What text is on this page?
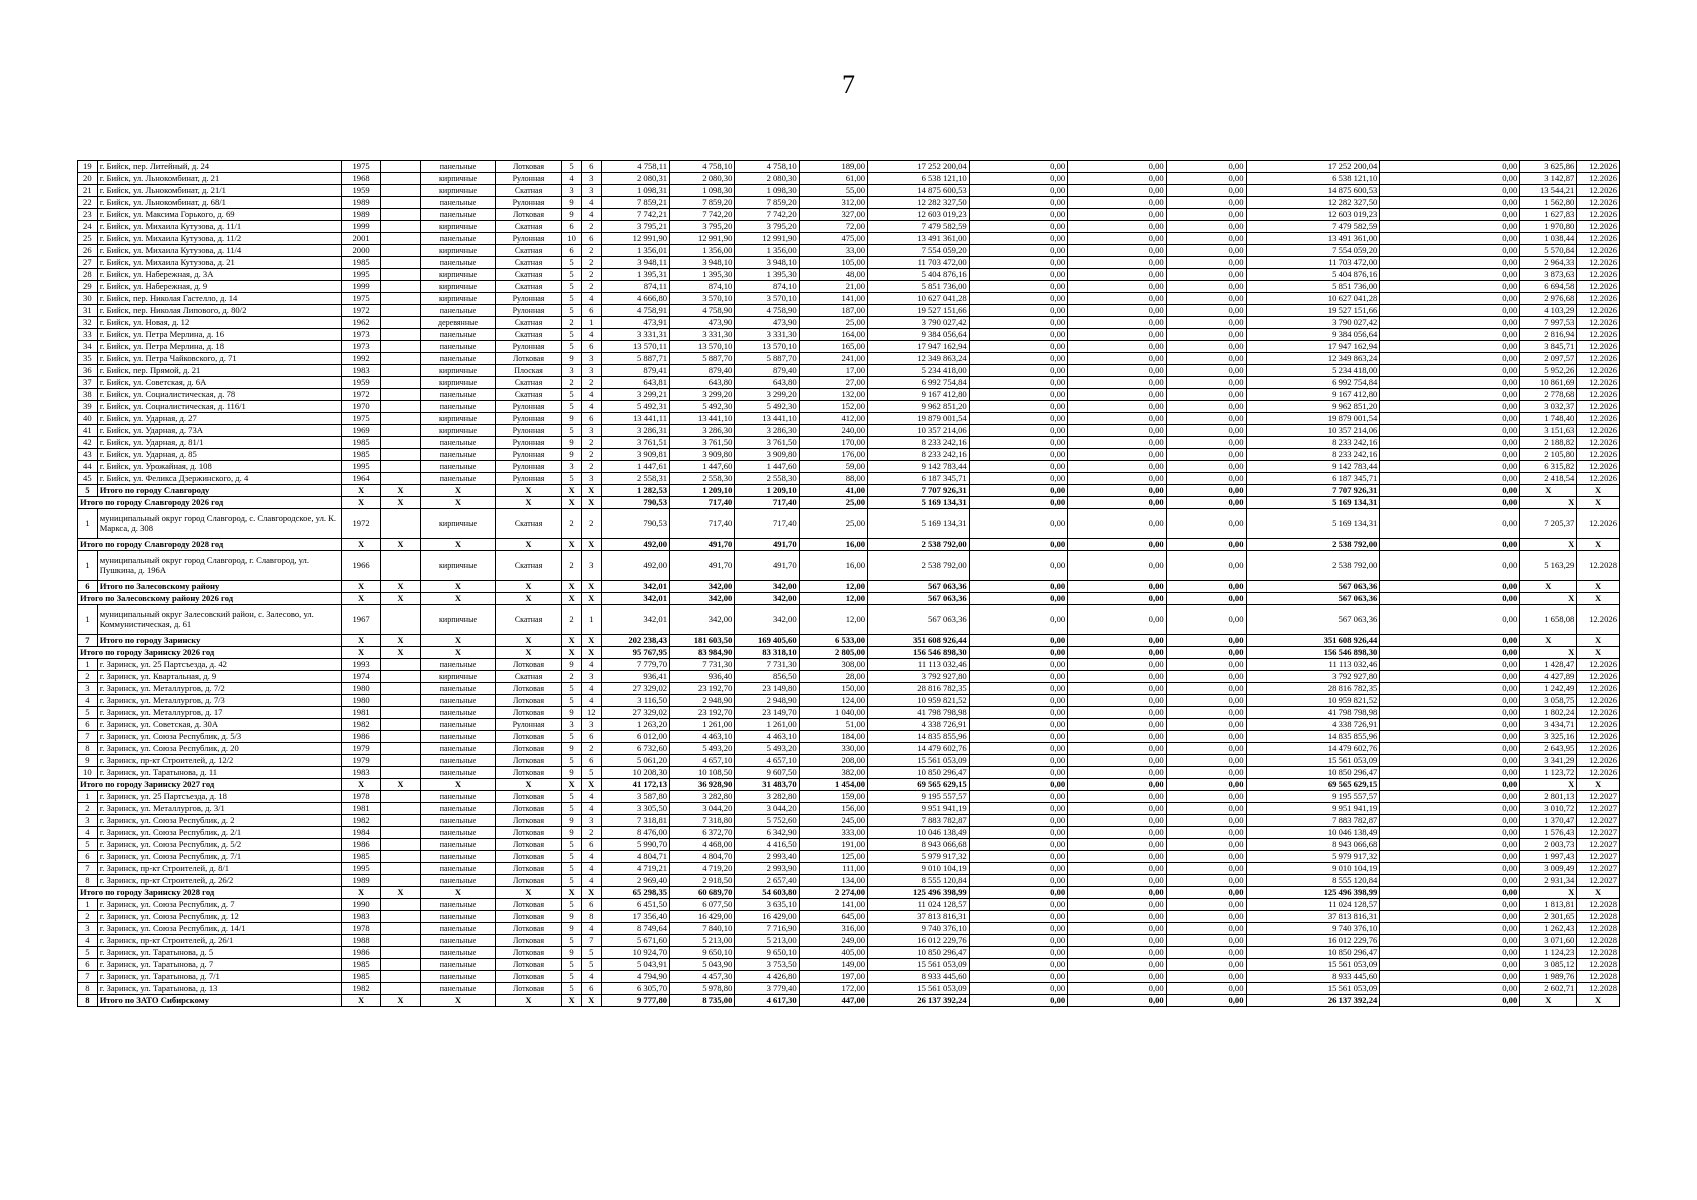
7
19	г. Бийск, пер. Литейный, д. 24	1975		панельные	Лотковая	5	6	4 758,11	4 758,10	4 758,10	189,00	17 252 200,04	0,00	0,00	0,00	17 252 200,04	0,00	3 625,86	12.2026
20	г. Бийск, ул. Льнокомбинат, д. 21	1968		кирпичные	Рулонная	4	3	2 080,31	2 080,30	2 080,30	61,00	6 538 121,10	0,00	0,00	0,00	6 538 121,10	0,00	3 142,87	12.2026
21	г. Бийск, ул. Льнокомбинат, д. 21/1	1959		кирпичные	Скатная	3	3	1 098,31	1 098,30	1 098,30	55,00	14 875 600,53	0,00	0,00	0,00	14 875 600,53	0,00	13 544,21	12.2026
22	г. Бийск, ул. Льнокомбинат, д. 68/1	1989		панельные	Рулонная	9	4	7 859,21	7 859,20	7 859,20	312,00	12 282 327,50	0,00	0,00	0,00	12 282 327,50	0,00	1 562,80	12.2026
23	г. Бийск, ул. Максима Горького, д. 69	1989		панельные	Лотковая	9	4	7 742,21	7 742,20	7 742,20	327,00	12 603 019,23	0,00	0,00	0,00	12 603 019,23	0,00	1 627,83	12.2026
24	г. Бийск, ул. Михаила Кутузова, д. 11/1	1999		кирпичные	Скатная	6	2	3 795,21	3 795,20	3 795,20	72,00	7 479 582,59	0,00	0,00	0,00	7 479 582,59	0,00	1 970,80	12.2026
25	г. Бийск, ул. Михаила Кутузова, д. 11/2	2001		панельные	Рулонная	10	6	12 991,90	12 991,90	12 991,90	475,00	13 491 361,00	0,00	0,00	0,00	13 491 361,00	0,00	1 038,44	12.2026
26	г. Бийск, ул. Михаила Кутузова, д. 11/4	2000		кирпичные	Скатная	6	2	1 356,01	1 356,00	1 356,00	33,00	7 554 059,20	0,00	0,00	0,00	7 554 059,20	0,00	5 570,84	12.2026
27	г. Бийск, ул. Михаила Кутузова, д. 21	1985		панельные	Скатная	5	2	3 948,11	3 948,10	3 948,10	105,00	11 703 472,00	0,00	0,00	0,00	11 703 472,00	0,00	2 964,33	12.2026
28	г. Бийск, ул. Набережная, д. 3А	1995		кирпичные	Скатная	5	2	1 395,31	1 395,30	1 395,30	48,00	5 404 876,16	0,00	0,00	0,00	5 404 876,16	0,00	3 873,63	12.2026
29	г. Бийск, ул. Набережная, д. 9	1999		кирпичные	Скатная	5	2	874,11	874,10	874,10	21,00	5 851 736,00	0,00	0,00	0,00	5 851 736,00	0,00	6 694,58	12.2026
30	г. Бийск, пер. Николая Гастелло, д. 14	1975		кирпичные	Рулонная	5	4	4 666,80	3 570,10	3 570,10	141,00	10 627 041,28	0,00	0,00	0,00	10 627 041,28	0,00	2 976,68	12.2026
31	г. Бийск, пер. Николая Липового, д. 80/2	1972		панельные	Рулонная	5	6	4 758,91	4 758,90	4 758,90	187,00	19 527 151,66	0,00	0,00	0,00	19 527 151,66	0,00	4 103,29	12.2026
32	г. Бийск, ул. Новая, д. 12	1962		деревянные	Скатная	2	1	473,91	473,90	473,90	25,00	3 790 027,42	0,00	0,00	0,00	3 790 027,42	0,00	7 997,53	12.2026
33	г. Бийск, ул. Петра Мерлина, д. 16	1973		панельные	Скатная	5	4	3 331,31	3 331,30	3 331,30	164,00	9 384 056,64	0,00	0,00	0,00	9 384 056,64	0,00	2 816,94	12.2026
34	г. Бийск, ул. Петра Мерлина, д. 18	1973		панельные	Рулонная	5	6	13 570,11	13 570,10	13 570,10	165,00	17 947 162,94	0,00	0,00	0,00	17 947 162,94	0,00	3 845,71	12.2026
35	г. Бийск, ул. Петра Чайковского, д. 71	1992		панельные	Лотковая	9	3	5 887,71	5 887,70	5 887,70	241,00	12 349 863,24	0,00	0,00	0,00	12 349 863,24	0,00	2 097,57	12.2026
36	г. Бийск, пер. Прямой, д. 21	1983		кирпичные	Плоская	3	3	879,41	879,40	879,40	17,00	5 234 418,00	0,00	0,00	0,00	5 234 418,00	0,00	5 952,26	12.2026
37	г. Бийск, ул. Советская, д. 6А	1959		кирпичные	Скатная	2	2	643,81	643,80	643,80	27,00	6 992 754,84	0,00	0,00	0,00	6 992 754,84	0,00	10 861,69	12.2026
38	г. Бийск, ул. Социалистическая, д. 78	1972		панельные	Скатная	5	4	3 299,21	3 299,20	3 299,20	132,00	9 167 412,80	0,00	0,00	0,00	9 167 412,80	0,00	2 778,68	12.2026
39	г. Бийск, ул. Социалистическая, д. 116/1	1970		панельные	Рулонная	5	4	5 492,31	5 492,30	5 492,30	152,00	9 962 851,20	0,00	0,00	0,00	9 962 851,20	0,00	3 032,37	12.2026
40	г. Бийск, ул. Ударная, д. 27	1975		кирпичные	Рулонная	9	6	13 441,11	13 441,10	13 441,10	412,00	19 879 001,54	0,00	0,00	0,00	19 879 001,54	0,00	1 748,40	12.2026
41	г. Бийск, ул. Ударная, д. 73А	1969		кирпичные	Рулонная	5	3	3 286,31	3 286,30	3 286,30	240,00	10 357 214,06	0,00	0,00	0,00	10 357 214,06	0,00	3 151,63	12.2026
42	г. Бийск, ул. Ударная, д. 81/1	1985		панельные	Рулонная	9	2	3 761,51	3 761,50	3 761,50	170,00	8 233 242,16	0,00	0,00	0,00	8 233 242,16	0,00	2 188,82	12.2026
43	г. Бийск, ул. Ударная, д. 85	1985		панельные	Рулонная	9	2	3 909,81	3 909,80	3 909,80	176,00	8 233 242,16	0,00	0,00	0,00	8 233 242,16	0,00	2 105,80	12.2026
44	г. Бийск, ул. Урожайная, д. 108	1995		панельные	Рулонная	3	2	1 447,61	1 447,60	1 447,60	59,00	9 142 783,44	0,00	0,00	0,00	9 142 783,44	0,00	6 315,82	12.2026
45	г. Бийск, ул. Феликса Дзержинского, д. 4	1964		панельные	Рулонная	5	3	2 558,31	2 558,30	2 558,30	88,00	6 187 345,71	0,00	0,00	0,00	6 187 345,71	0,00	2 418,54	12.2026
5	Итого по городу Славгороду	X	X	X	X	X	X	1 282,53	1 209,10	1 209,10	41,00	7 707 926,31	0,00	0,00	0,00	7 707 926,31	0,00	X	X
Итого по городу Славгороду 2026 год		X	X	X	X	X	X	790,53	717,40	717,40	25,00	5 169 134,31	0,00	0,00	0,00	5 169 134,31	0,00	X	X
1	муниципальный округ город Славгород, с. Славгородское, ул. К. Маркса, д. 308	1972		кирпичные	Скатная	2	2	790,53	717,40	717,40	25,00	5 169 134,31	0,00	0,00	0,00	5 169 134,31	0,00	7 205,37	12.2026
Итого по городу Славгороду 2028 год		X	X	X	X	X	X	492,00	491,70	491,70	16,00	2 538 792,00	0,00	0,00	0,00	2 538 792,00	0,00	X	X
1	муниципальный округ город Славгород, г. Славгород, ул. Пушкина, д. 196А	1966		кирпичные	Скатная	2	3	492,00	491,70	491,70	16,00	2 538 792,00	0,00	0,00	0,00	2 538 792,00	0,00	5 163,29	12.2028
6	Итого по Залесовскому району	X	X	X	X	X	X	342,01	342,00	342,00	12,00	567 063,36	0,00	0,00	0,00	567 063,36	0,00	X	X
Итого по Залесовскому району 2026 год		X	X	X	X	X	X	342,01	342,00	342,00	12,00	567 063,36	0,00	0,00	0,00	567 063,36	0,00	X	X
1	муниципальный округ Залесовский район, с. Залесово, ул. Коммунистическая, д. 61	1967		кирпичные	Скатная	2	1	342,01	342,00	342,00	12,00	567 063,36	0,00	0,00	0,00	567 063,36	0,00	1 658,08	12.2026
7	Итого по городу Заринску	X	X	X	X	X	X	202 238,43	181 603,50	169 405,60	6 533,00	351 608 926,44	0,00	0,00	0,00	351 608 926,44	0,00	X	X
Итого по городу Заринску 2026 год		X	X	X	X	X	X	95 767,95	83 984,90	83 318,10	2 805,00	156 546 898,30	0,00	0,00	0,00	156 546 898,30	0,00	X	X
1	г. Заринск, ул. 25 Партсъезда, д. 42	1993		панельные	Лотковая	9	4	7 779,70	7 731,30	7 731,30	308,00	11 113 032,46	0,00	0,00	0,00	11 113 032,46	0,00	1 428,47	12.2026
2	г. Заринск, ул. Квартальная, д. 9	1974		кирпичные	Скатная	2	3	936,41	936,40	856,50	28,00	3 792 927,80	0,00	0,00	0,00	3 792 927,80	0,00	4 427,89	12.2026
3	г. Заринск, ул. Металлургов, д. 7/2	1980		панельные	Лотковая	5	4	27 329,02	23 192,70	23 149,80	150,00	28 816 782,35	0,00	0,00	0,00	28 816 782,35	0,00	1 242,49	12.2026
4	г. Заринск, ул. Металлургов, д. 7/3	1980		панельные	Лотковая	5	4	3 116,50	2 948,90	2 948,90	124,00	10 959 821,52	0,00	0,00	0,00	10 959 821,52	0,00	3 058,75	12.2026
5	г. Заринск, ул. Металлургов, д. 17	1981		панельные	Лотковая	9	12	27 329,02	23 192,70	23 149,70	1 040,00	41 798 798,98	0,00	0,00	0,00	41 798 798,98	0,00	1 802,24	12.2026
6	г. Заринск, ул. Советская, д. 30А	1982		панельные	Рулонная	3	3	1 263,20	1 261,00	1 261,00	51,00	4 338 726,91	0,00	0,00	0,00	4 338 726,91	0,00	3 434,71	12.2026
7	г. Заринск, ул. Союза Республик, д. 5/3	1986		панельные	Лотковая	5	6	6 012,00	4 463,10	4 463,10	184,00	14 835 855,96	0,00	0,00	0,00	14 835 855,96	0,00	3 325,16	12.2026
8	г. Заринск, ул. Союза Республик, д. 20	1979		панельные	Лотковая	9	2	6 732,60	5 493,20	5 493,20	330,00	14 479 602,76	0,00	0,00	0,00	14 479 602,76	0,00	2 643,95	12.2026
9	г. Заринск, пр-кт Строителей, д. 12/2	1979		панельные	Лотковая	5	6	5 061,20	4 657,10	4 657,10	208,00	15 561 053,09	0,00	0,00	0,00	15 561 053,09	0,00	3 341,29	12.2026
10	г. Заринск, ул. Таратынова, д. 11	1983		панельные	Лотковая	9	5	10 208,30	10 108,50	9 607,50	382,00	10 850 296,47	0,00	0,00	0,00	10 850 296,47	0,00	1 123,72	12.2026
Итого по городу Заринску 2027 год		X	X	X	X	X	X	41 172,13	36 928,90	31 483,70	1 454,00	69 565 629,15	0,00	0,00	0,00	69 565 629,15	0,00	X	X
1	г. Заринск, ул. 25 Партсъезда, д. 18	1978		панельные	Лотковая	5	4	3 587,80	3 282,80	3 282,80	159,00	9 195 557,57	0,00	0,00	0,00	9 195 557,57	0,00	2 801,13	12.2027
2	г. Заринск, ул. Металлургов, д. 3/1	1981		панельные	Лотковая	5	4	3 305,50	3 044,20	3 044,20	156,00	9 951 941,19	0,00	0,00	0,00	9 951 941,19	0,00	3 010,72	12.2027
3	г. Заринск, ул. Союза Республик, д. 2	1982		панельные	Лотковая	9	3	7 318,81	7 318,80	5 752,60	245,00	7 883 782,87	0,00	0,00	0,00	7 883 782,87	0,00	1 370,47	12.2027
4	г. Заринск, ул. Союза Республик, д. 2/1	1984		панельные	Лотковая	9	2	8 476,00	6 372,70	6 342,90	333,00	10 046 138,49	0,00	0,00	0,00	10 046 138,49	0,00	1 576,43	12.2027
5	г. Заринск, ул. Союза Республик, д. 5/2	1986		панельные	Лотковая	5	6	5 990,70	4 468,00	4 416,50	191,00	8 943 066,68	0,00	0,00	0,00	8 943 066,68	0,00	2 003,73	12.2027
6	г. Заринск, ул. Союза Республик, д. 7/1	1985		панельные	Лотковая	5	4	4 804,71	4 804,70	2 993,40	125,00	5 979 917,32	0,00	0,00	0,00	5 979 917,32	0,00	1 997,43	12.2027
7	г. Заринск, пр-кт Строителей, д. 8/1	1995		панельные	Лотковая	5	4	4 719,21	4 719,20	2 993,90	111,00	9 010 104,19	0,00	0,00	0,00	9 010 104,19	0,00	3 009,49	12.2027
8	г. Заринск, пр-кт Строителей, д. 26/2	1989		панельные	Лотковая	5	4	2 969,40	2 918,50	2 657,40	134,00	8 555 120,84	0,00	0,00	0,00	8 555 120,84	0,00	2 931,34	12.2027
Итого по городу Заринску 2028 год		X	X	X	X	X	X	65 298,35	60 689,70	54 603,80	2 274,00	125 496 398,99	0,00	0,00	0,00	125 496 398,99	0,00	X	X
1	г. Заринск, ул. Союза Республик, д. 7	1990		панельные	Лотковая	5	6	6 451,50	6 077,50	3 635,10	141,00	11 024 128,57	0,00	0,00	0,00	11 024 128,57	0,00	1 813,81	12.2028
2	г. Заринск, ул. Союза Республик, д. 12	1983		панельные	Лотковая	9	8	17 356,40	16 429,00	16 429,00	645,00	37 813 816,31	0,00	0,00	0,00	37 813 816,31	0,00	2 301,65	12.2028
3	г. Заринск, ул. Союза Республик, д. 14/1	1978		панельные	Лотковая	9	4	8 749,64	7 840,10	7 716,90	316,00	9 740 376,10	0,00	0,00	0,00	9 740 376,10	0,00	1 262,43	12.2028
4	г. Заринск, пр-кт Строителей, д. 26/1	1988		панельные	Лотковая	5	7	5 671,60	5 213,00	5 213,00	249,00	16 012 229,76	0,00	0,00	0,00	16 012 229,76	0,00	3 071,60	12.2028
5	г. Заринск, ул. Таратынова, д. 5	1986		панельные	Лотковая	9	5	10 924,70	9 650,10	9 650,10	405,00	10 850 296,47	0,00	0,00	0,00	10 850 296,47	0,00	1 124,23	12.2028
6	г. Заринск, ул. Таратынова, д. 7	1985		панельные	Лотковая	5	5	5 043,91	5 043,90	3 753,50	149,00	15 561 053,09	0,00	0,00	0,00	15 561 053,09	0,00	3 085,12	12.2028
7	г. Заринск, ул. Таратынова, д. 7/1	1985		панельные	Лотковая	5	4	4 794,90	4 457,30	4 426,80	197,00	8 933 445,60	0,00	0,00	0,00	8 933 445,60	0,00	1 989,76	12.2028
8	г. Заринск, ул. Таратынова, д. 13	1982		панельные	Лотковая	5	6	6 305,70	5 978,80	3 779,40	172,00	15 561 053,09	0,00	0,00	0,00	15 561 053,09	0,00	2 602,71	12.2028
8	Итого по ЗАТО Сибирскому	X	X	X	X	X	X	9 777,80	8 735,00	4 617,30	447,00	26 137 392,24	0,00	0,00	0,00	26 137 392,24	0,00	X	X
